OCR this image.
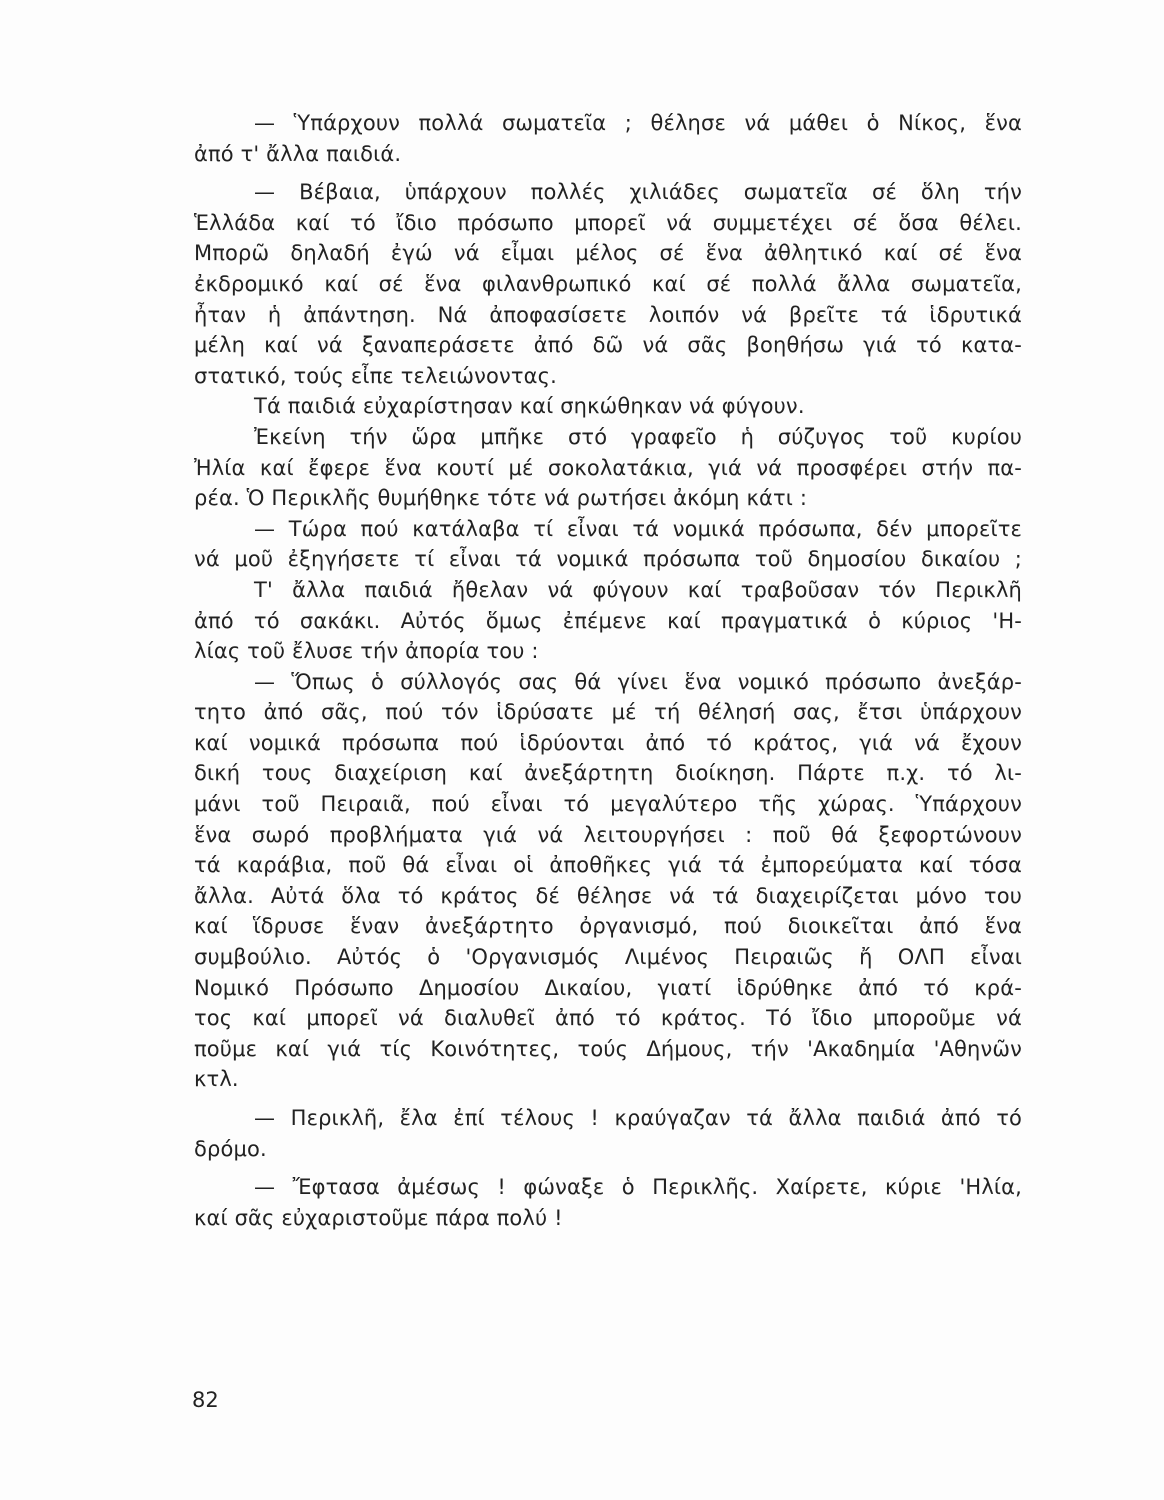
— Ὑπάρχουν πολλά σωματεῖα ; θέλησε νά μάθει ὁ Νίκος, ἕνα
ἀπό τ' ἄλλα παιδιά.
— Βέβαια, ὑπάρχουν πολλές χιλιάδες σωματεῖα σέ ὅλη τήν
Ἑλλάδα καί τό ἴδιο πρόσωπο μπορεῖ νά συμμετέχει σέ ὅσα θέλει.
Μπορῶ δηλαδή ἐγώ νά εἶμαι μέλος σέ ἕνα ἀθλητικό καί σέ ἕνα
ἐκδρομικό καί σέ ἕνα φιλανθρωπικό καί σέ πολλά ἄλλα σωματεῖα,
ἦταν ἡ ἀπάντηση. Νά ἀποφασίσετε λοιπόν νά βρεῖτε τά ἱδρυτικά
μέλη καί νά ξαναπεράσετε ἀπό δῶ νά σᾶς βοηθήσω γιά τό κατα-
στατικό, τούς εἶπε τελειώνοντας.
Τά παιδιά εὐχαρίστησαν καί σηκώθηκαν νά φύγουν.
Ἐκείνη τήν ὥρα μπῆκε στό γραφεῖο ἡ σύζυγος τοῦ κυρίου
Ἠλία καί ἔφερε ἕνα κουτί μέ σοκολατάκια, γιά νά προσφέρει στήν πα-
ρέα. Ὁ Περικλῆς θυμήθηκε τότε νά ρωτήσει ἀκόμη κάτι :
— Τώρα πού κατάλαβα τί εἶναι τά νομικά πρόσωπα, δέν μπορεῖτε
νά μοῦ ἐξηγήσετε τί εἶναι τά νομικά πρόσωπα τοῦ δημοσίου δικαίου ;
Τ' ἄλλα παιδιά ἤθελαν νά φύγουν καί τραβοῦσαν τόν Περικλῆ
ἀπό τό σακάκι. Αὐτός ὅμως ἐπέμενε καί πραγματικά ὁ κύριος 'Η-
λίας τοῦ ἔλυσε τήν ἀπορία του :
— Ὅπως ὁ σύλλογός σας θά γίνει ἕνα νομικό πρόσωπο ἀνεξάρ-
τητο ἀπό σᾶς, πού τόν ἱδρύσατε μέ τή θέλησή σας, ἔτσι ὑπάρχουν
καί νομικά πρόσωπα πού ἱδρύονται ἀπό τό κράτος, γιά νά ἔχουν
δική τους διαχείριση καί ἀνεξάρτητη διοίκηση. Πάρτε π.χ. τό λι-
μάνι τοῦ Πειραιᾶ, πού εἶναι τό μεγαλύτερο τῆς χώρας. Ὑπάρχουν
ἕνα σωρό προβλήματα γιά νά λειτουργήσει : ποῦ θά ξεφορτώνουν
τά καράβια, ποῦ θά εἶναι οἱ ἀποθῆκες γιά τά ἐμπορεύματα καί τόσα
ἄλλα. Αὐτά ὅλα τό κράτος δέ θέλησε νά τά διαχειρίζεται μόνο του
καί ἵδρυσε ἕναν ἀνεξάρτητο ὀργανισμό, πού διοικεῖται ἀπό ἕνα
συμβούλιο. Αὐτός ὁ 'Οργανισμός Λιμένος Πειραιῶς ἤ ΟΛΠ εἶναι
Νομικό Πρόσωπο Δημοσίου Δικαίου, γιατί ἱδρύθηκε ἀπό τό κρά-
τος καί μπορεῖ νά διαλυθεῖ ἀπό τό κράτος. Τό ἴδιο μποροῦμε νά
ποῦμε καί γιά τίς Κοινότητες, τούς Δήμους, τήν 'Ακαδημία 'Αθηνῶν
κτλ.
— Περικλῆ, ἔλα ἐπί τέλους ! κραύγαζαν τά ἄλλα παιδιά ἀπό τό
δρόμο.
— Ἔφτασα ἀμέσως ! φώναξε ὁ Περικλῆς. Χαίρετε, κύριε 'Ηλία,
καί σᾶς εὐχαριστοῦμε πάρα πολύ !
82
